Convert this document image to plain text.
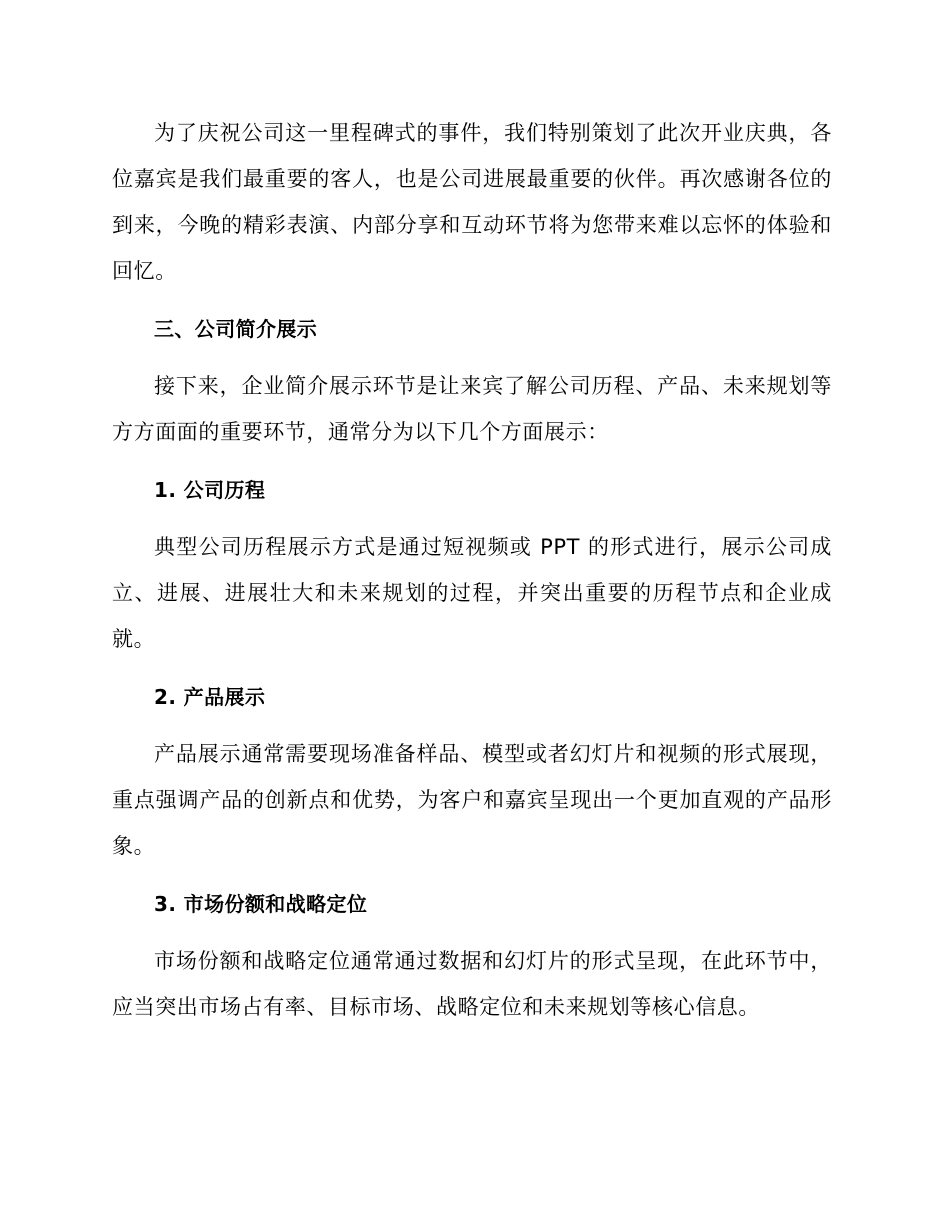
为了庆祝公司这一里程碑式的事件，我们特别策划了此次开业庆典，各位嘉宾是我们最重要的客人，也是公司进展最重要的伙伴。再次感谢各位的到来，今晚的精彩表演、内部分享和互动环节将为您带来难以忘怀的体验和回忆。

三、公司简介展示

接下来，企业简介展示环节是让来宾了解公司历程、产品、未来规划等方方面面的重要环节，通常分为以下几个方面展示：

1. 公司历程

典型公司历程展示方式是通过短视频或 PPT 的形式进行，展示公司成立、进展、进展壮大和未来规划的过程，并突出重要的历程节点和企业成就。

2. 产品展示

产品展示通常需要现场准备样品、模型或者幻灯片和视频的形式展现，重点强调产品的创新点和优势，为客户和嘉宾呈现出一个更加直观的产品形象。

3. 市场份额和战略定位

市场份额和战略定位通常通过数据和幻灯片的形式呈现，在此环节中，应当突出市场占有率、目标市场、战略定位和未来规划等核心信息。
